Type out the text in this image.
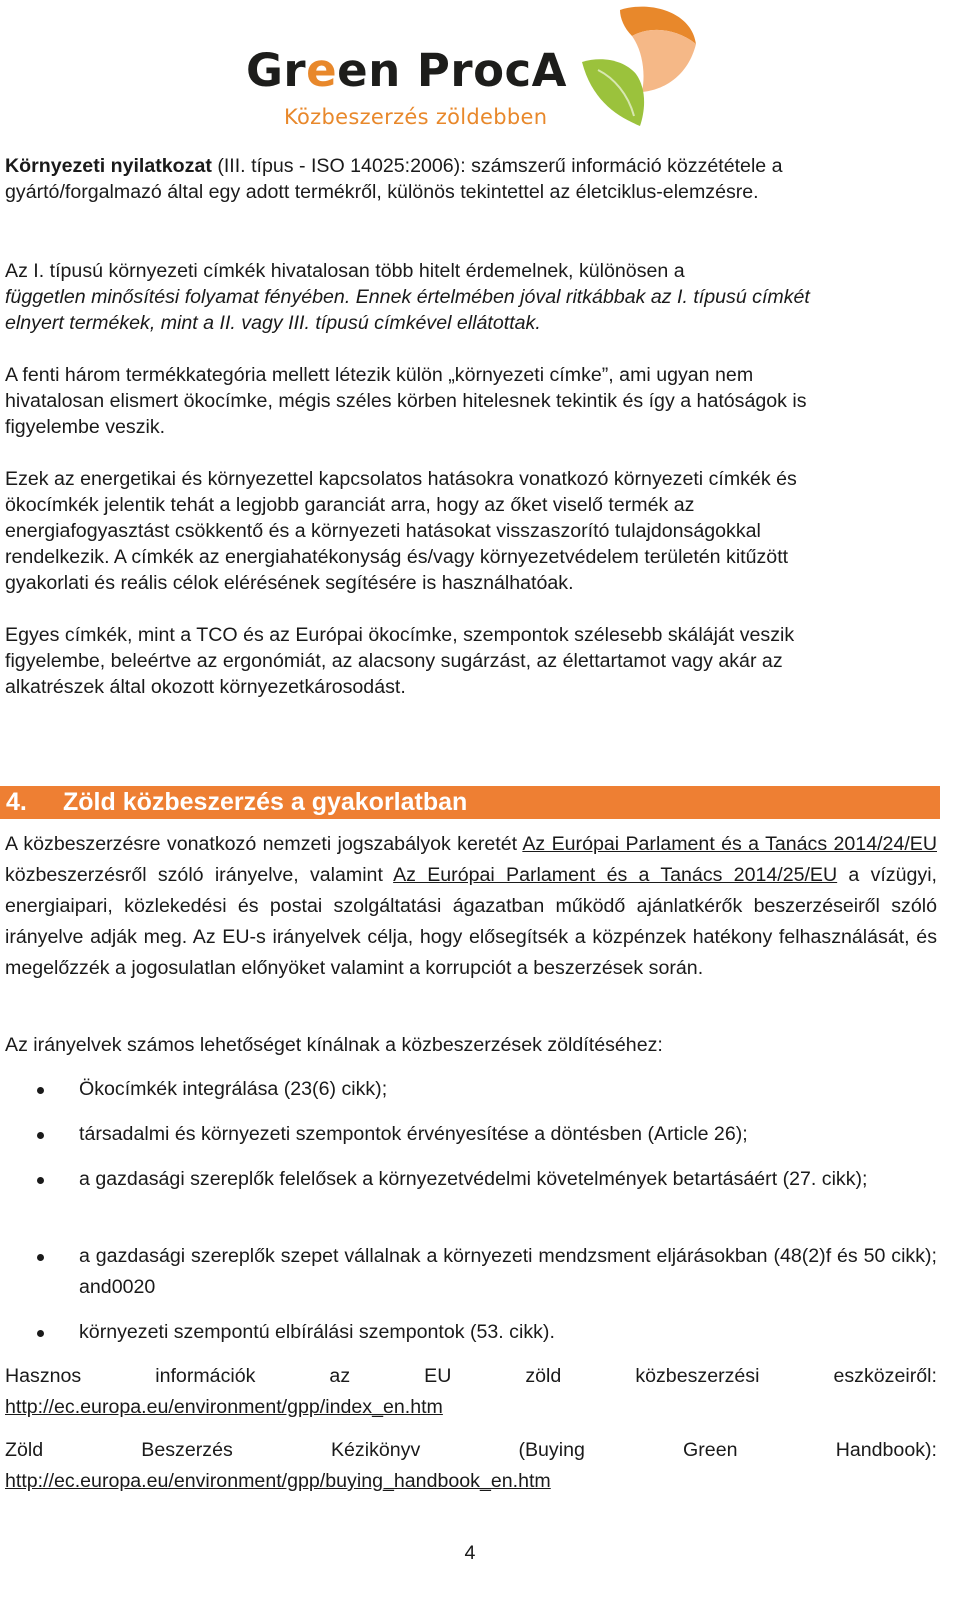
Green ProcA
Közbeszerzés zöldebben

Környezeti nyilatkozat (III. típus - ISO 14025:2006): számszerű információ közzététele a
gyártó/forgalmazó által egy adott termékről, különös tekintettel az életciklus-elemzésre.

Az I. típusú környezeti címkék hivatalosan több hitelt érdemelnek, különösen a
független minősítési folyamat fényében. Ennek értelmében jóval ritkábbak az I. típusú címkét
elnyert termékek, mint a II. vagy III. típusú címkével ellátottak.

A fenti három termékkategória mellett létezik külön „környezeti címke”, ami ugyan nem
hivatalosan elismert ökocímke, mégis széles körben hitelesnek tekintik és így a hatóságok is
figyelembe veszik.

Ezek az energetikai és környezettel kapcsolatos hatásokra vonatkozó környezeti címkék és
ökocímkék jelentik tehát a legjobb garanciát arra, hogy az őket viselő termék az
energiafogyasztást csökkentő és a környezeti hatásokat visszaszorító tulajdonságokkal
rendelkezik. A címkék az energiahatékonyság és/vagy környezetvédelem területén kitűzött
gyakorlati és reális célok elérésének segítésére is használhatóak.

Egyes címkék, mint a TCO és az Európai ökocímke, szempontok szélesebb skáláját veszik
figyelembe, beleértve az ergonómiát, az alacsony sugárzást, az élettartamot vagy akár az
alkatrészek által okozott környezetkárosodást.

4. Zöld közbeszerzés a gyakorlatban

A közbeszerzésre vonatkozó nemzeti jogszabályok keretét Az Európai Parlament és a Tanács 2014/24/EU közbeszerzésről szóló irányelve, valamint Az Európai Parlament és a Tanács 2014/25/EU a vízügyi, energiaipari, közlekedési és postai szolgáltatási ágazatban működő ajánlatkérők beszerzéseiről szóló irányelve adják meg. Az EU-s irányelvek célja, hogy elősegítsék a közpénzek hatékony felhasználását, és megelőzzék a jogosulatlan előnyöket valamint a korrupciót a beszerzések során.

Az irányelvek számos lehetőséget kínálnak a közbeszerzések zöldítéséhez:

Ökocímkék integrálása (23(6) cikk);
társadalmi és környezeti szempontok érvényesítése a döntésben (Article 26);
a gazdasági szereplők felelősek a környezetvédelmi követelmények betartásáért (27. cikk);
a gazdasági szereplők szepet vállalnak a környezeti mendzsment eljárásokban (48(2)f és 50 cikk); and0020
környezeti szempontú elbírálási szempontok (53. cikk).
Hasznos	információk	az	EU	zöld	közbeszerzési	eszközeiről:
http://ec.europa.eu/environment/gpp/index_en.htm
Zöld	Beszerzés	Kézikönyv	(Buying	Green	Handbook):
http://ec.europa.eu/environment/gpp/buying_handbook_en.htm
4
